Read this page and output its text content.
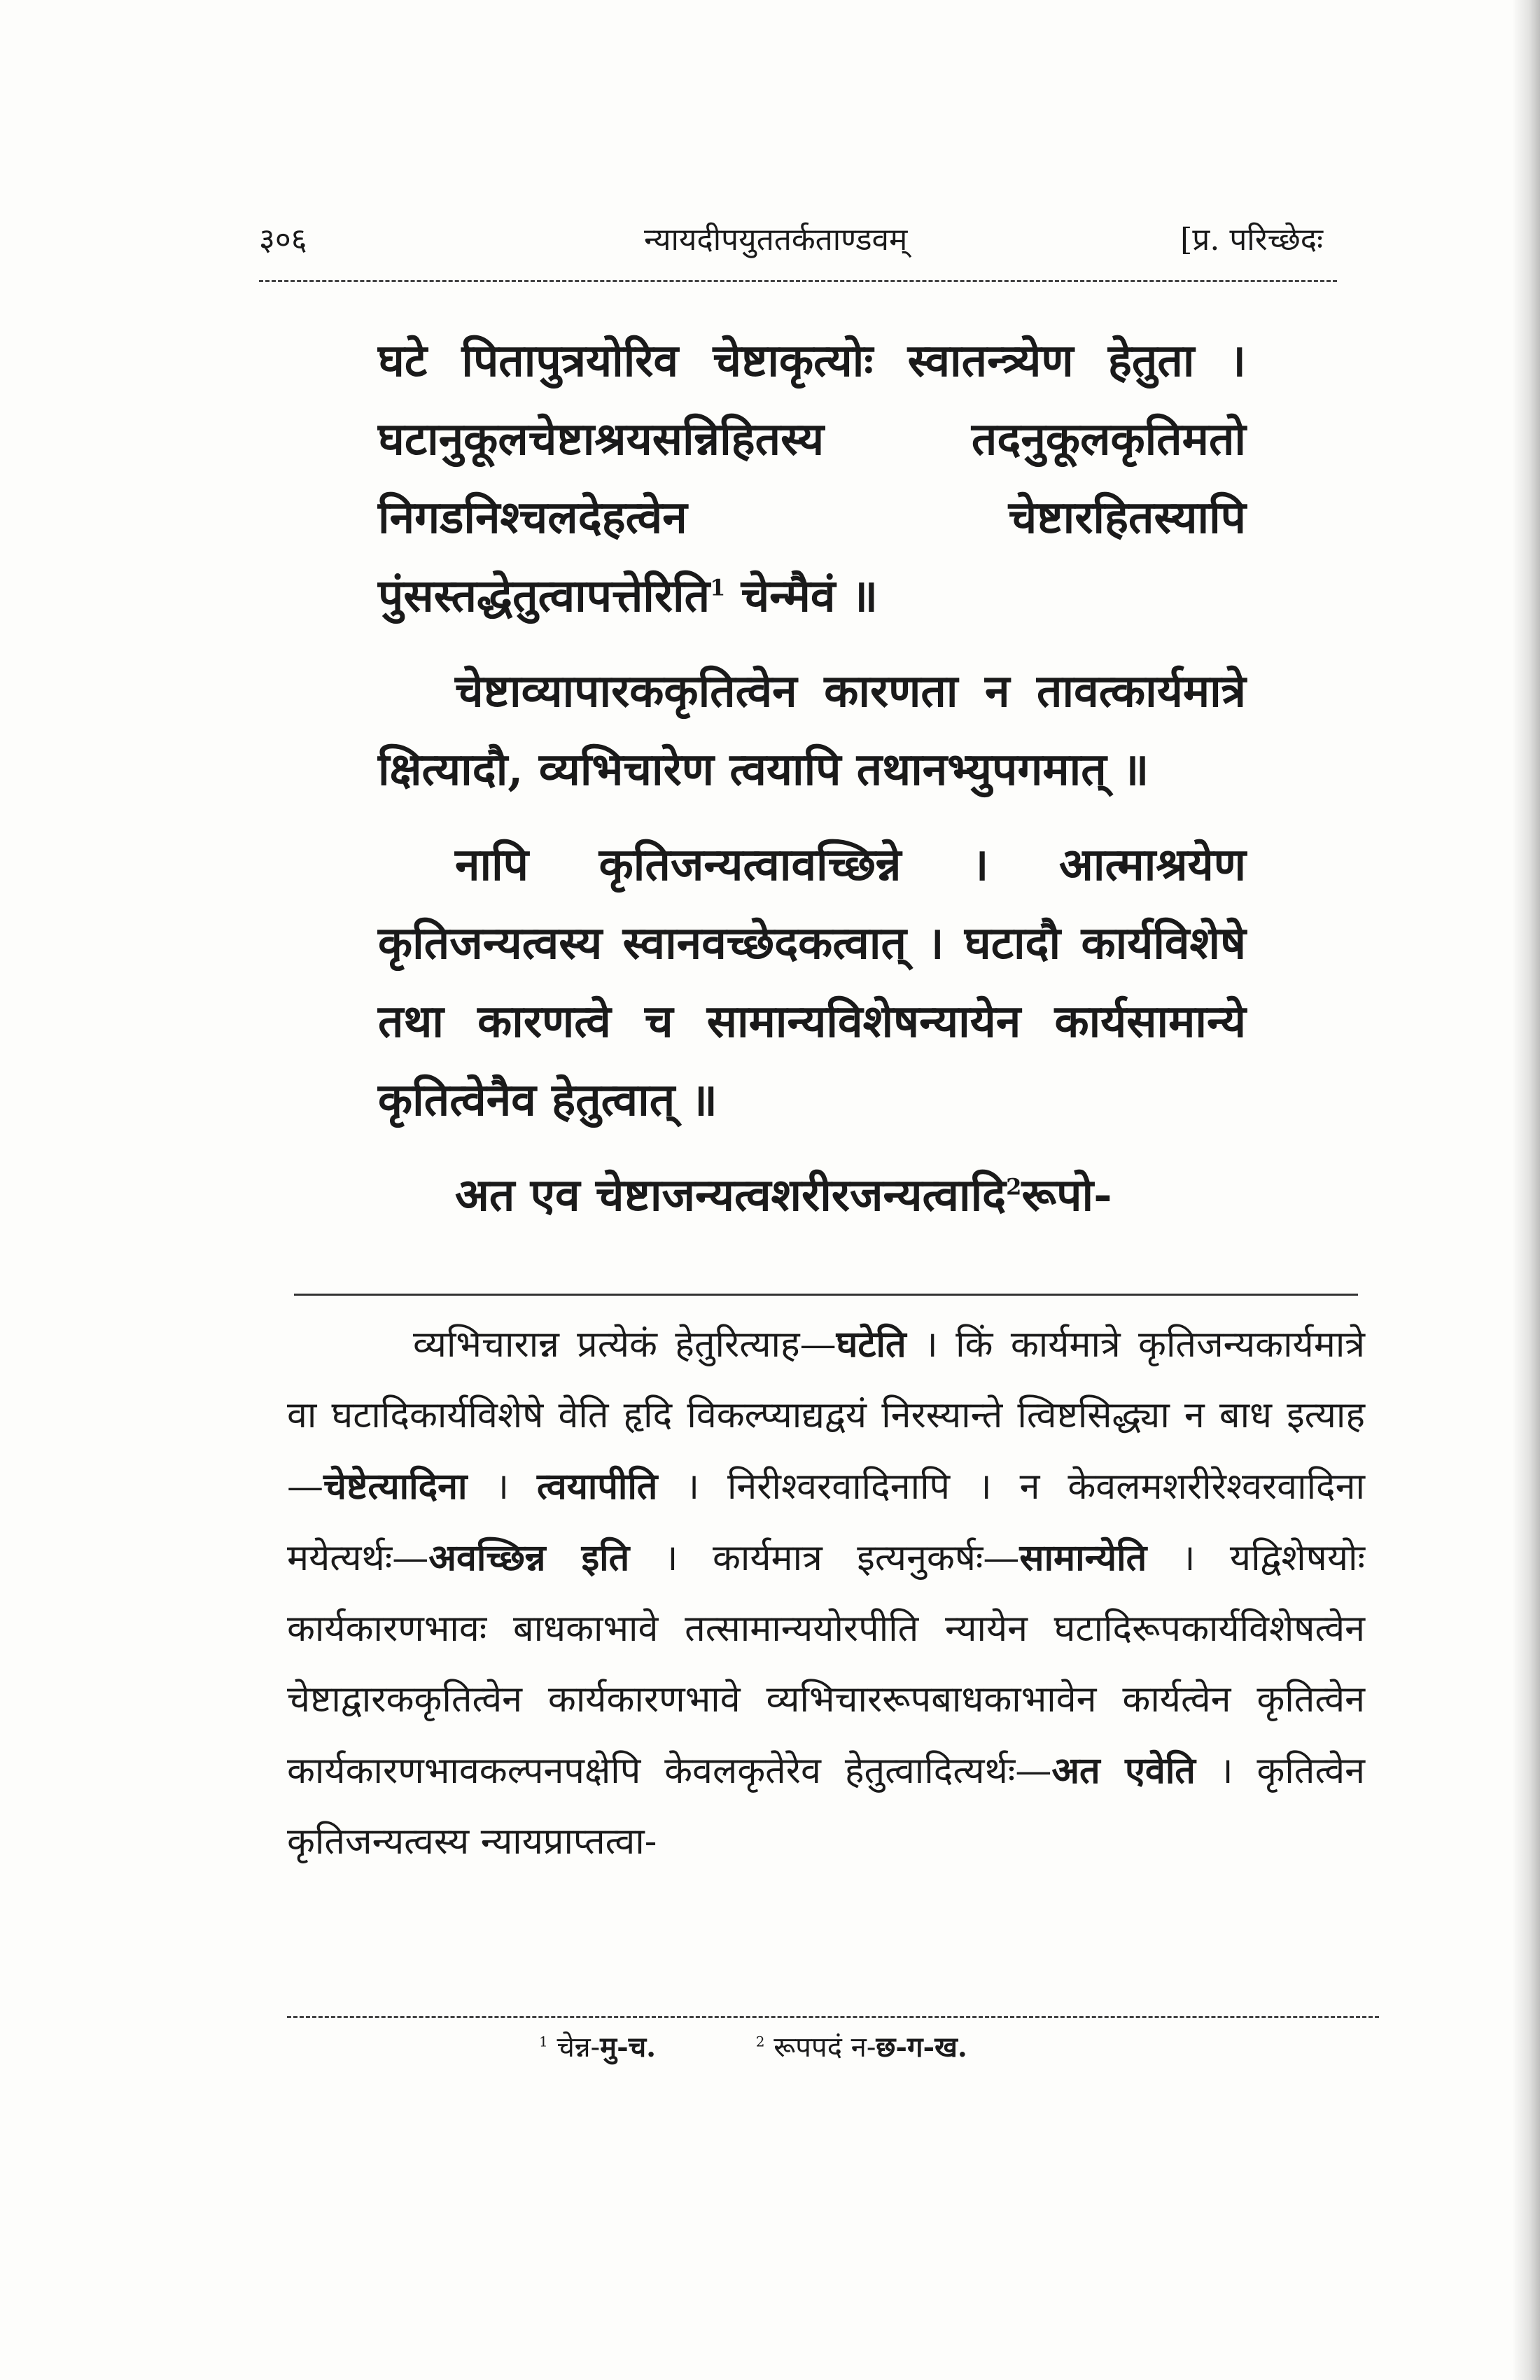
३०६	न्यायदीपयुततर्कताण्डवम्	[प्र. परिच्छेदः

घटे पितापुत्रयोरिव चेष्टाकृत्योः स्वातन्त्र्येण हेतुता । घटानुकूलचेष्टाश्रयसन्निहितस्य तदनुकूलकृतिमतो निगडनिश्चलदेहत्वेन चेष्टारहितस्यापि पुंसस्तद्धेतुत्वापत्तेरिति$^1$ चेन्मैवं ॥

चेष्टाव्यापारककृतित्वेन कारणता न तावत्कार्यमात्रे क्षित्यादौ, व्यभिचारेण त्वयापि तथानभ्युपगमात् ॥

नापि कृतिजन्यत्वावच्छिन्ने । आत्माश्रयेण कृतिजन्यत्वस्य स्वानवच्छेदकत्वात् । घटादौ कार्यविशेषे तथा कारणत्वे च सामान्यविशेषन्यायेन कार्यसामान्ये कृतित्वेनैव हेतुत्वात् ॥

अत एव चेष्टाजन्यत्वशरीरजन्यत्वादि$^2$रूपो-

व्यभिचारान्न प्रत्येकं हेतुरित्याह—घटेति । किं कार्यमात्रे कृतिजन्यकार्यमात्रे वा घटादिकार्यविशेषे वेति हृदि विकल्प्याद्यद्वयं निरस्यान्ते त्विष्टसिद्ध्या न बाध इत्याह—चेष्टेत्यादिना । त्वयापीति । निरीश्वरवादिनापि । न केवलमशरीरेश्वरवादिना मयेत्यर्थः—अवच्छिन्न इति । कार्यमात्र इत्यनुकर्षः—सामान्येति । यद्विशेषयोः कार्यकारणभावः बाधकाभावे तत्सामान्ययोरपीति न्यायेन घटादिरूपकार्यविशेषत्वेन चेष्टाद्वारककृतित्वेन कार्यकारणभावे व्यभिचाररूपबाधकाभावेन कार्यत्वेन कृतित्वेन कार्यकारणभावकल्पनपक्षेपि केवलकृतेरेव हेतुत्वादित्यर्थः—अत एवेति । कृतित्वेन कृतिजन्यत्वस्य न्यायप्राप्तत्वा-

$^1$ चेन्न-मु-च.	$^2$ रूपपदं न-छ-ग-ख.
